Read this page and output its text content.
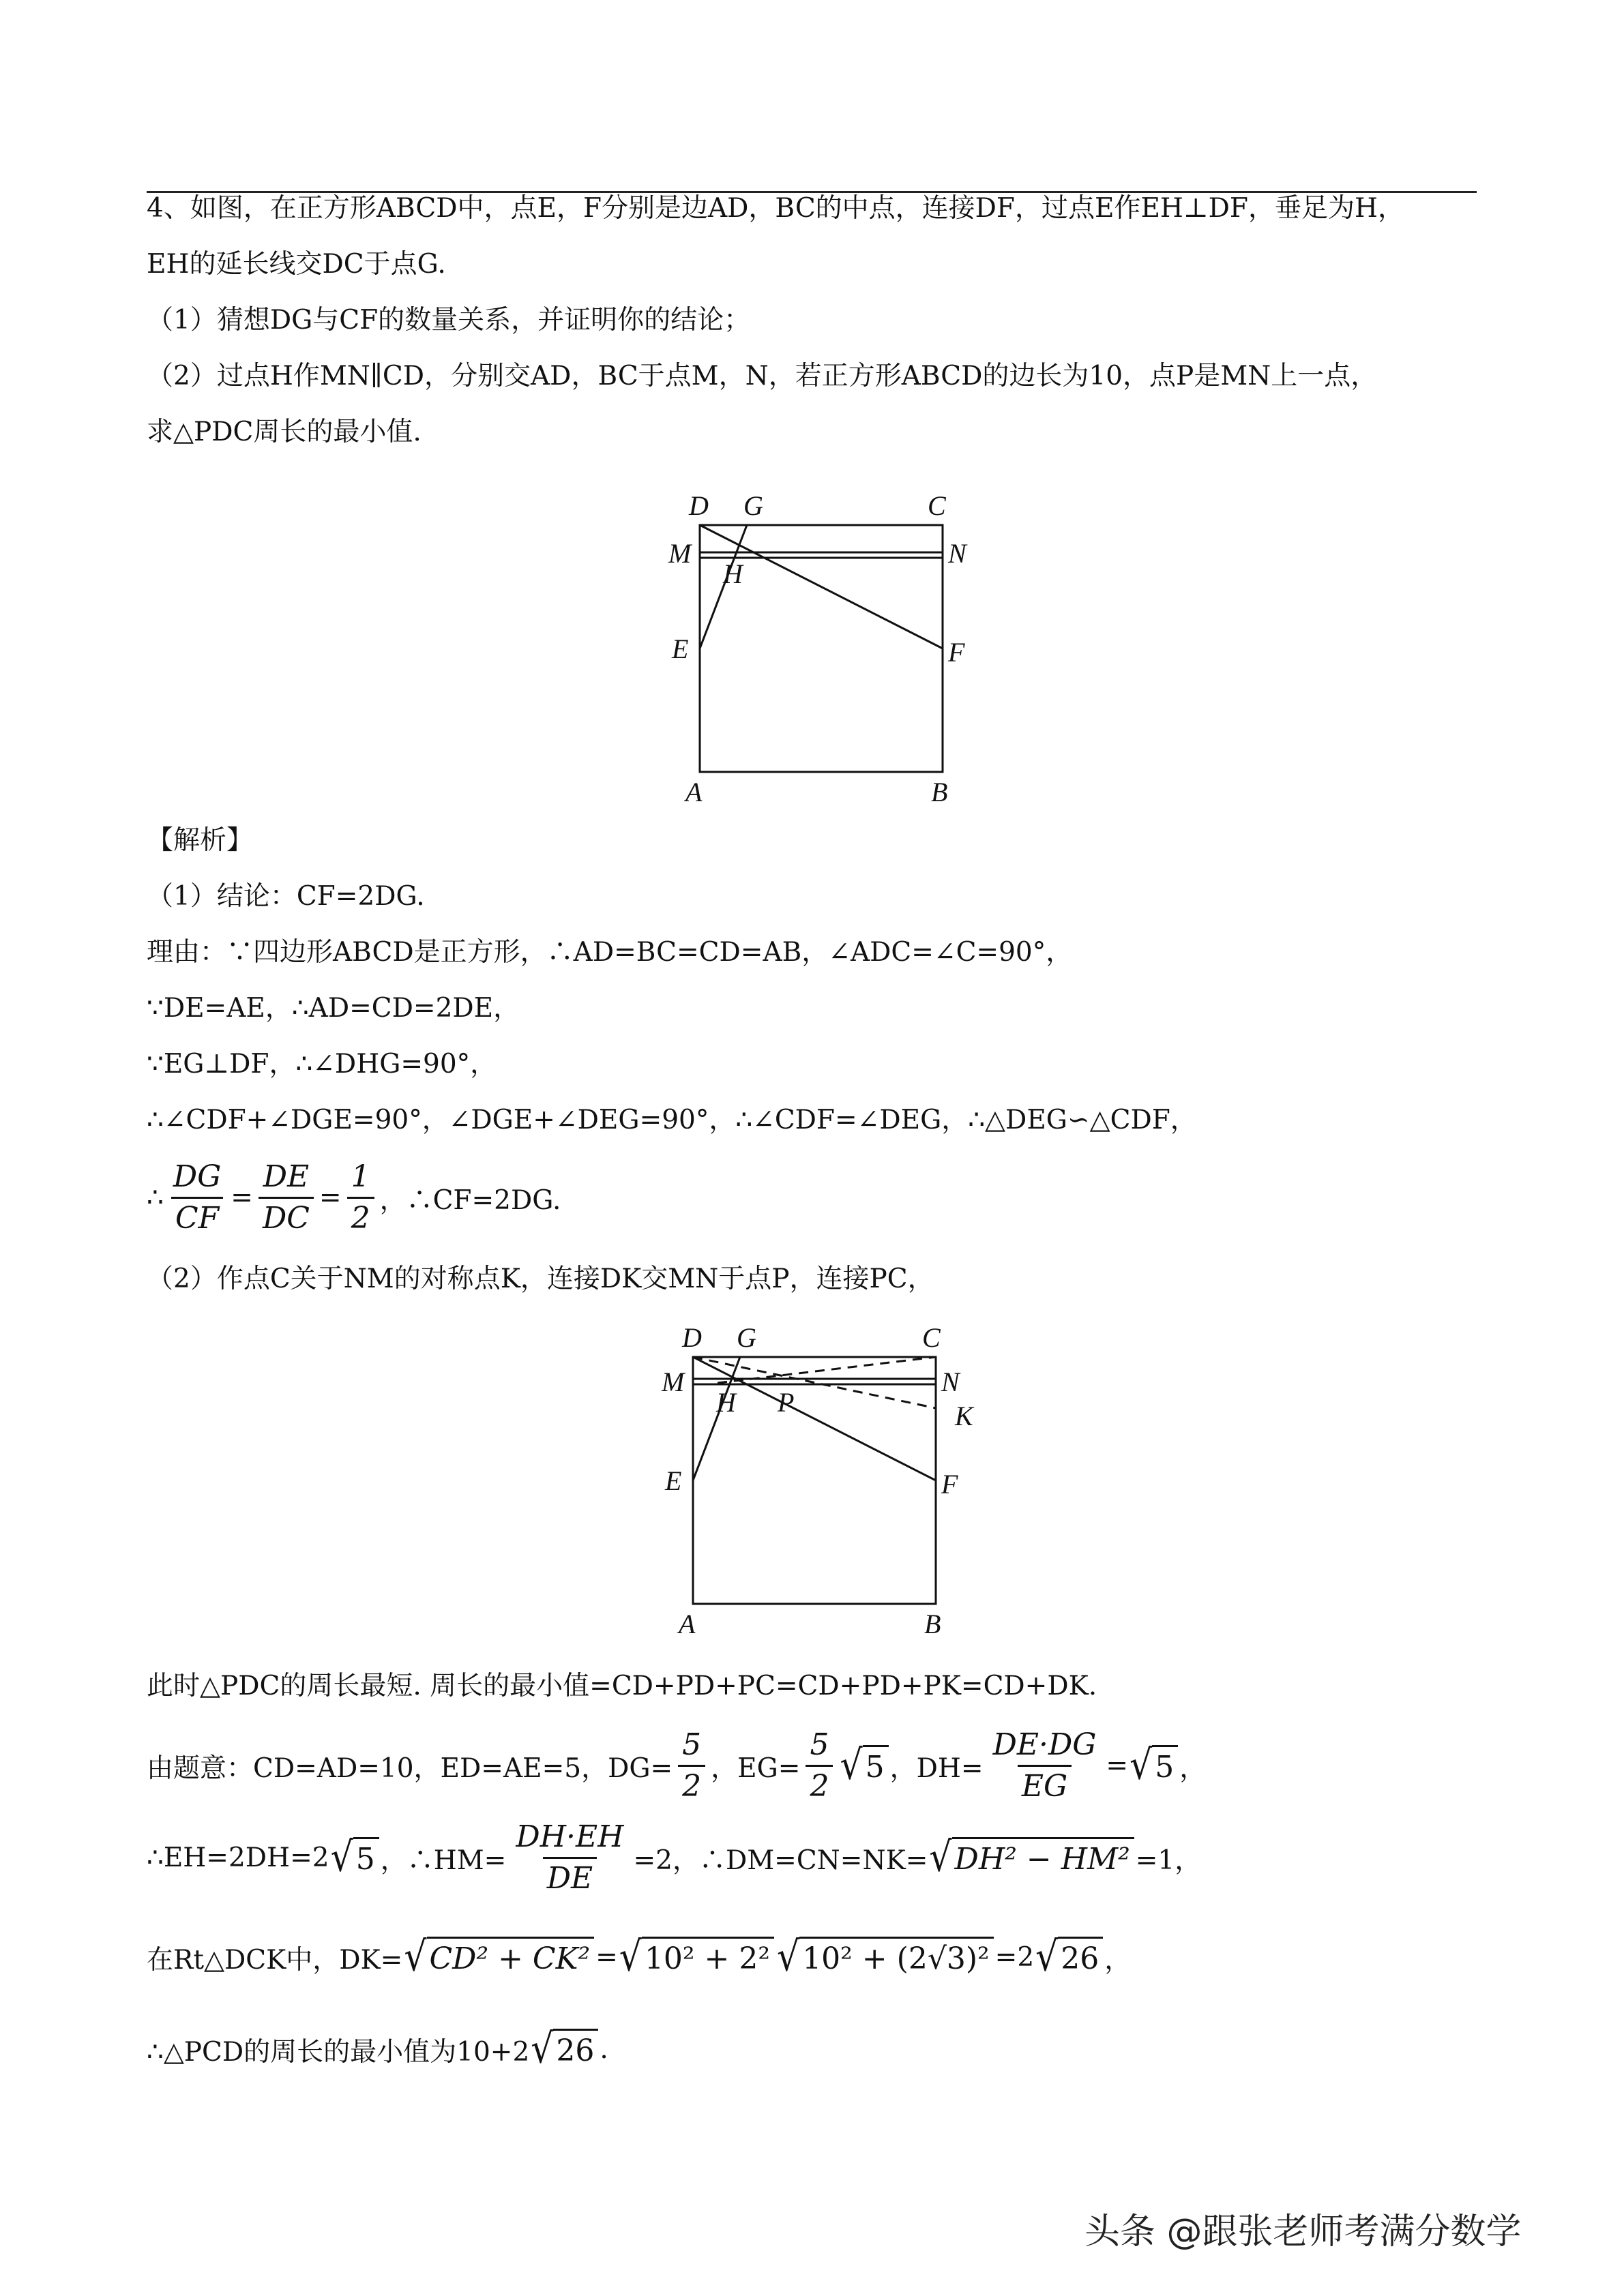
4、如图，在正方形ABCD中，点E，F分别是边AD，BC的中点，连接DF，过点E作EH⊥DF，垂足为H，
EH的延长线交DC于点G.
（1）猜想DG与CF的数量关系，并证明你的结论；
（2）过点H作MN∥CD，分别交AD，BC于点M，N，若正方形ABCD的边长为10，点P是MN上一点，
求△PDC周长的最小值.
D G	C
M	N
H
E	F
A	B
【解析】
（1）结论：CF=2DG.
理由：∵四边形ABCD是正方形，∴AD=BC=CD=AB，∠ADC=∠C=90°，
∵DE=AE，∴AD=CD=2DE，
∵EG⊥DF，∴∠DHG=90°，
∴∠CDF+∠DGE=90°，∠DGE+∠DEG=90°，∴∠CDF=∠DEG，∴△DEG∽△CDF，
∴ $\frac{DG}{CF} = \frac{DE}{DC} = \frac{1}{2}$ ，∴CF=2DG.
（2）作点C关于NM的对称点K，连接DK交MN于点P，连接PC，
D G	C
M	N
H P	K
E	F
A	B
此时△PDC的周长最短. 周长的最小值=CD+PD+PC=CD+PD+PK=CD+DK.
由题意：CD=AD=10，ED=AE=5，$DG= \frac{5}{2}$ ，$EG= \frac{5}{2}$ √ 5 ，$DH= \frac{DE\cdot DG}{EG}$ = √ 5 ，
∴EH=2DH=2 √ 5 ，∴HM= $\frac{DH\cdot EH}{DE} =2$，∴DM=CN=NK= √ DH² − HM² =1，
在Rt△DCK中，DK= √ CD² + CK² = √ 10² + 2² √ 10² + (2√3)² =2 √ 26 ，
∴△PCD的周长的最小值为10+2 √ 26 .
头条 @跟张老师考满分数学
